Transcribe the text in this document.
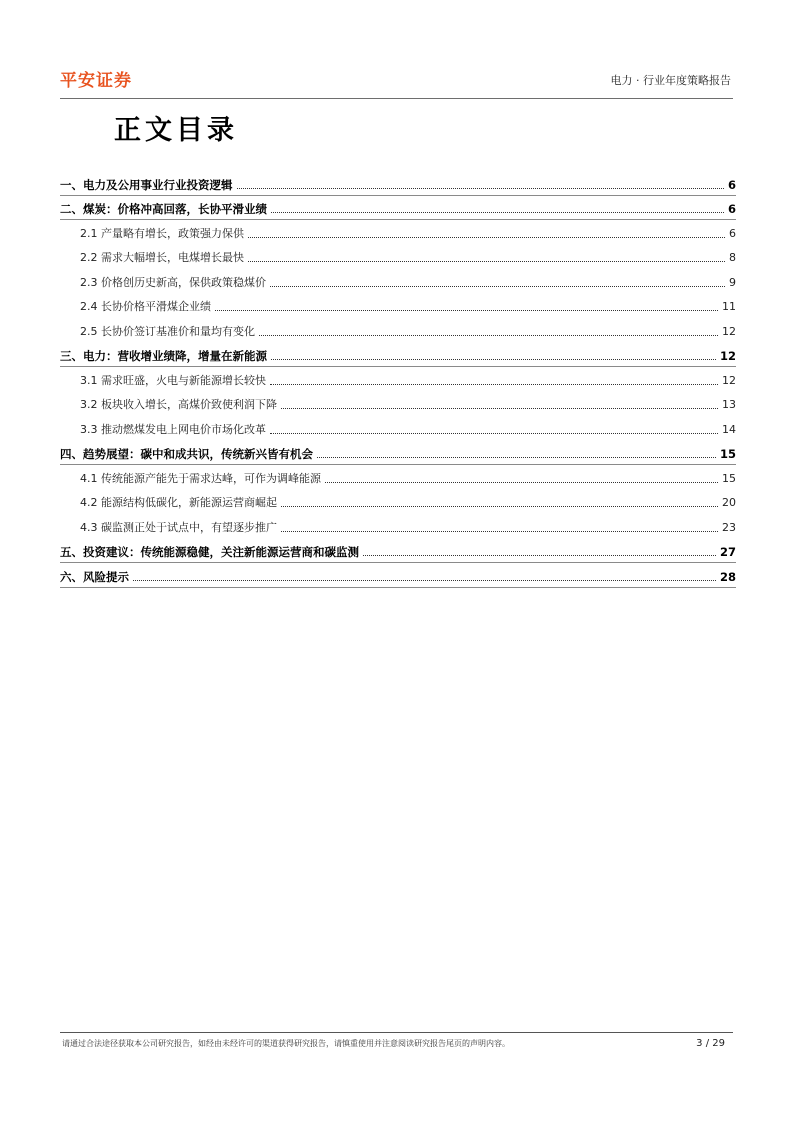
平安证券	电力 · 行业年度策略报告
正文目录
一、电力及公用事业行业投资逻辑	6
二、煤炭：价格冲高回落，长协平滑业绩	6
2.1 产量略有增长，政策强力保供	6
2.2 需求大幅增长，电煤增长最快	8
2.3 价格创历史新高，保供政策稳煤价	9
2.4 长协价格平滑煤企业绩	11
2.5 长协价签订基准价和量均有变化	12
三、电力：营收增业绩降，增量在新能源	12
3.1 需求旺盛，火电与新能源增长较快	12
3.2 板块收入增长，高煤价致使利润下降	13
3.3 推动燃煤发电上网电价市场化改革	14
四、趋势展望：碳中和成共识，传统新兴皆有机会	15
4.1 传统能源产能先于需求达峰，可作为调峰能源	15
4.2 能源结构低碳化，新能源运营商崛起	20
4.3 碳监测正处于试点中，有望逐步推广	23
五、投资建议：传统能源稳健，关注新能源运营商和碳监测	27
六、风险提示	28
请通过合法途径获取本公司研究报告，如经由未经许可的渠道获得研究报告，请慎重使用并注意阅读研究报告尾页的声明内容。	3 / 29
